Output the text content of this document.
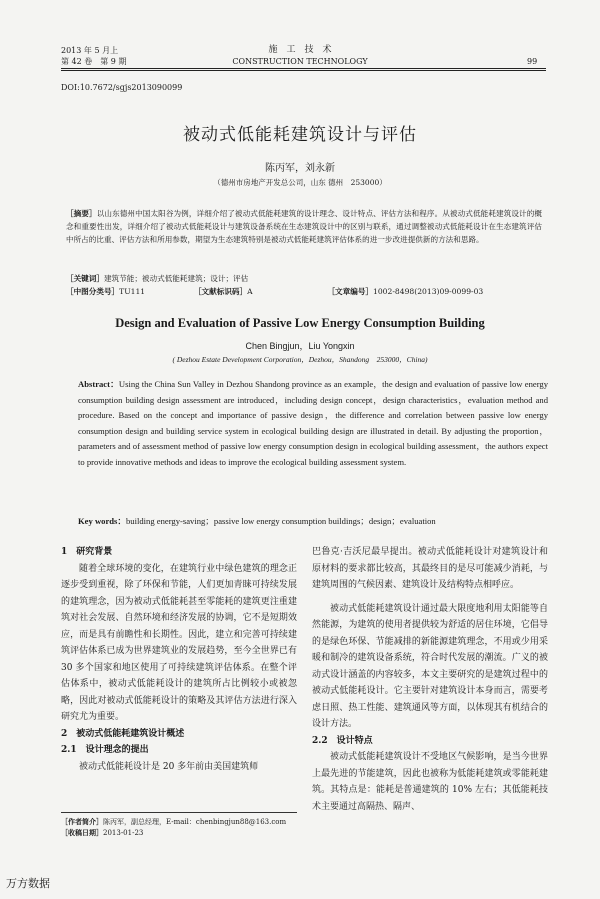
2013 年 5 月上
第 42 卷　第 9 期
施　工　技　术
CONSTRUCTION TECHNOLOGY	99
DOI:10.7672/sgjs2013090099
被动式低能耗建筑设计与评估
陈丙军，刘永新
（德州市房地产开发总公司，山东 德州　253000）
［摘要］以山东德州中国太阳谷为例，详细介绍了被动式低能耗建筑的设计理念、设计特点、评估方法和程序。从被动式低能耗建筑设计的概念和重要性出发，详细介绍了被动式低能耗设计与建筑设备系统在生态建筑设计中的区别与联系，通过调整被动式低能耗设计在生态建筑评估中所占的比重、评估方法和所用参数，期望为生态建筑特别是被动式低能耗建筑评估体系的进一步改进提供新的方法和思路。
［关键词］建筑节能；被动式低能耗建筑；设计；评估
［中图分类号］TU111	［文献标识码］A	［文章编号］1002-8498(2013)09-0099-03
Design and Evaluation of Passive Low Energy Consumption Building
Chen Bingjun，Liu Yongxin
( Dezhou Estate Development Corporation，Dezhou，Shandong　253000，China)
Abstract：Using the China Sun Valley in Dezhou Shandong province as an example，the design and evaluation of passive low energy consumption building design assessment are introduced，including design concept，design characteristics，evaluation method and procedure. Based on the concept and importance of passive design，the difference and correlation between passive low energy consumption design and building service system in ecological building design are illustrated in detail. By adjusting the proportion，parameters and of assessment method of passive low energy consumption design in ecological building assessment，the authors expect to provide innovative methods and ideas to improve the ecological building assessment system.
Key words：building energy-saving；passive low energy consumption buildings；design；evaluation
1　研究背景
随着全球环境的变化，在建筑行业中绿色建筑的理念正逐步受到重视，除了环保和节能，人们更加青睐可持续发展的建筑理念，因为被动式低能耗甚至零能耗的建筑更注重建筑对社会发展、自然环境和经济发展的协调，它不是短期效应，而是具有前瞻性和长期性。因此，建立和完善可持续建筑评估体系已成为世界建筑业的发展趋势，至今全世界已有 30 多个国家和地区使用了可持续建筑评估体系。在整个评估体系中，被动式低能耗设计的建筑所占比例较小或被忽略，因此对被动式低能耗设计的策略及其评估方法进行深入研究尤为重要。
2　被动式低能耗建筑设计概述
2.1　设计理念的提出
被动式低能耗设计是 20 多年前由美国建筑师
［作者简介］陈丙军，副总经理，E-mail：chenbingjun88@163.com
［收稿日期］2013-01-23
巴鲁克·吉沃尼最早提出。被动式低能耗设计对建筑设计和原材料的要求都比较高，其最终目的是尽可能减少消耗，与建筑周围的气候因素、建筑设计及结构特点相呼应。
被动式低能耗建筑设计通过最大限度地利用太阳能等自然能源，为建筑的使用者提供较为舒适的居住环境，它倡导的是绿色环保、节能减排的新能源建筑理念，不用或少用采暖和制冷的建筑设备系统，符合时代发展的潮流。广义的被动式设计涵盖的内容较多，本文主要研究的是建筑过程中的被动式低能耗设计。它主要针对建筑设计本身而言，需要考虑日照、热工性能、建筑通风等方面，以体现其有机结合的设计方法。
2.2　设计特点
被动式低能耗建筑设计不受地区气候影响，是当今世界上最先进的节能建筑，因此也被称为低能耗建筑或零能耗建筑。其特点是：能耗是普通建筑的 10% 左右；其低能耗技术主要通过高隔热、隔声、
万方数据
